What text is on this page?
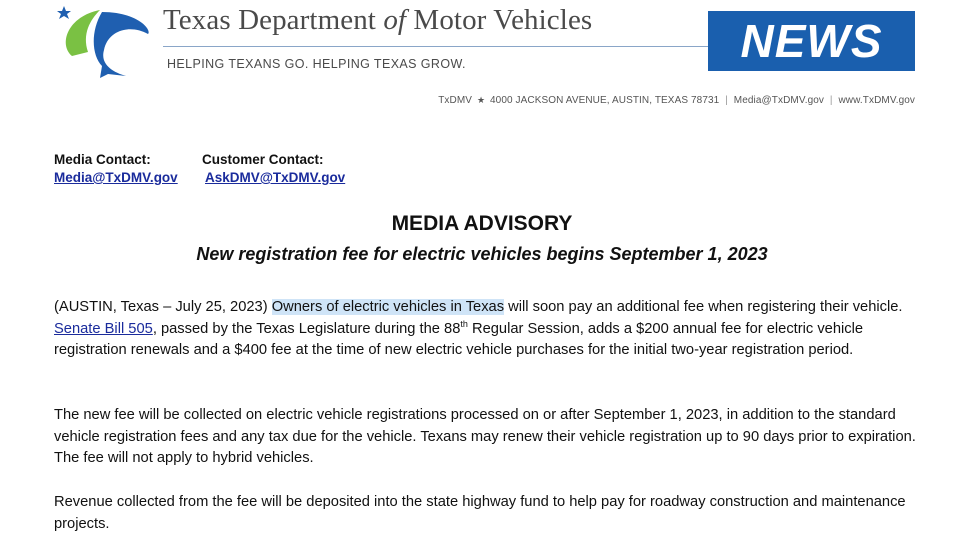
Texas Department of Motor Vehicles
HELPING TEXANS GO. HELPING TEXAS GROW.	NEWS
TxDMV ★ 4000 JACKSON AVENUE, AUSTIN, TEXAS 78731 | Media@TxDMV.gov | www.TxDMV.gov
Media Contact:
Media@TxDMV.gov
Customer Contact:
AskDMV@TxDMV.gov
MEDIA ADVISORY
New registration fee for electric vehicles begins September 1, 2023

(AUSTIN, Texas – July 25, 2023) Owners of electric vehicles in Texas will soon pay an additional fee when registering their vehicle. Senate Bill 505, passed by the Texas Legislature during the 88th Regular Session, adds a $200 annual fee for electric vehicle registration renewals and a $400 fee at the time of new electric vehicle purchases for the initial two-year registration period.

The new fee will be collected on electric vehicle registrations processed on or after September 1, 2023, in addition to the standard vehicle registration fees and any tax due for the vehicle. Texans may renew their vehicle registration up to 90 days prior to expiration. The fee will not apply to hybrid vehicles.

Revenue collected from the fee will be deposited into the state highway fund to help pay for roadway construction and maintenance projects.
